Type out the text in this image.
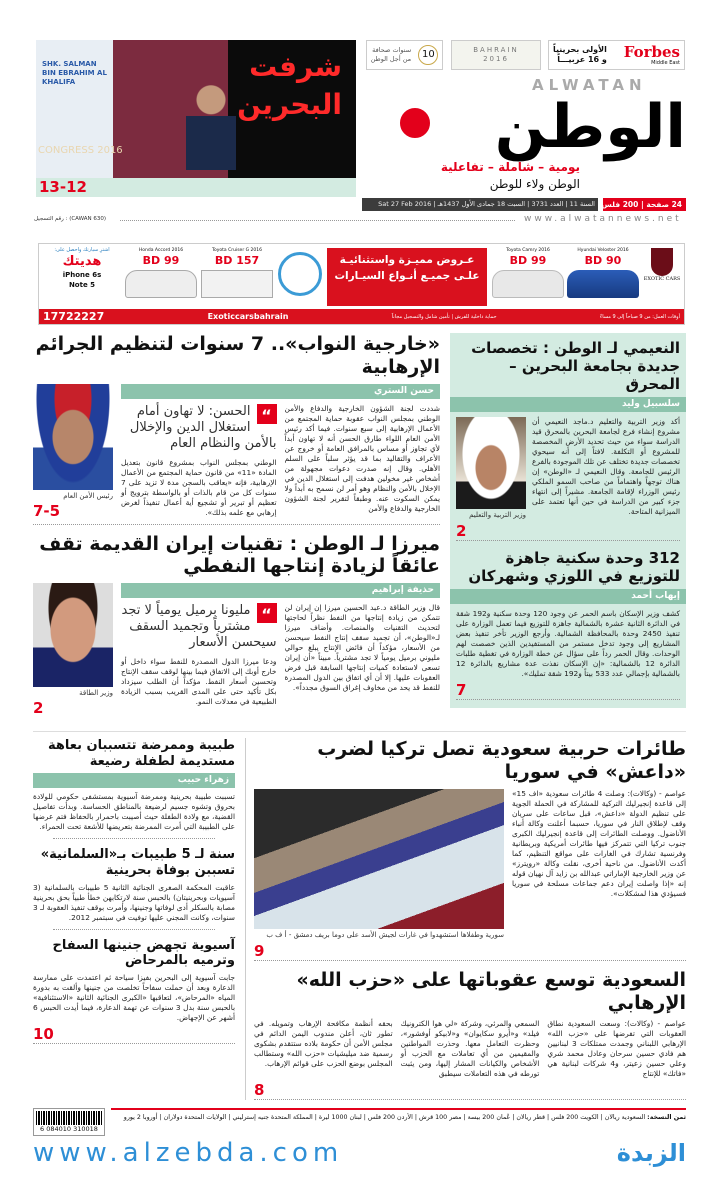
SHK. SALMAN BIN EBRAHIM AL KHALIFA
CONGRESS 2016
شرفت
البحرين
13-12
الأولى بحرينياً
و 16 عربيـــاً Forbes
Middle East
BAHRAIN
2016
سنوات صحافة
من أجل الوطن	10
ALWATAN
الوطن
يومية – شاملة – تفاعلية
الوطن ولاء للوطن
24 صفحة | 200 فلس
السنة 11 | العدد 3731 | السبت 18 جمادى الأول 1437هـ | Sat 27 Feb 2016
www.alwatannews.net
رقم التسجيل : (CAWAN 630)
EXOTIC CARS
Hyundai Veloster 2016
BD 90
Toyota Camry 2016
BD 99
عـروض مميـزة واستثنائيـة
علـى جميـع أنـواع السيـارات
Toyota Cruiser G 2016
BD 157
Honda Accord 2016
BD 99
اشترِ سيارتك واحصل على:
هديتك
iPhone 6s
Note 5
17722227	Exoticcarsbahrain	حماية داخلية للفرش | تأمين شامل والتسجيل مجاناً	أوقات العمل: من 9 صباحاً إلى 9 مساءً
«خارجية النواب».. 7 سنوات لتنظيم الجرائم الإرهابية
رئيس الأمن العام
7-5
حسن الستري
شددت لجنة الشؤون الخارجية والدفاع والأمن الوطني بمجلس النواب عقوبة حماية المجتمع من الأعمال الإرهابية إلى سبع سنوات. فيما أكد رئيس الأمن العام اللواء طارق الحسن أنه لا تهاون أبداً لأي تجاوز أو مساس بالمرافق العامة أو خروج عن الأعراف والتقاليد بما قد يؤثر سلباً على السلم الأهلي. وقال إنه صدرت دعوات مجهولة من أشخاص غير مخولين هدفت إلى استغلال الدين في الإخلال بالأمن والنظام وهو أمر لن نسمح به أبداً ولا يمكن السكوت عنه. وطبقاً لتقرير لجنة الشؤون الخارجية والدفاع والأمن
“
الحسن: لا تهاون أمام استغلال الدين والإخلال بالأمن والنظام العام
الوطني بمجلس النواب بمشروع قانون بتعديل المادة «11» من قانون حماية المجتمع من الأعمال الإرهابية، فإنه «يعاقب بالسجن مدة لا تزيد على 7 سنوات كل من قام بالذات أو بالواسطة بترويج أو تعظيم أو تبرير أو تشجيع أية أعمال تنفيذاً لغرض إرهابي مع علمه بذلك».
ميرزا لـ الوطن : تقنيات إيران القديمة تقف عائقاً لزيادة إنتاجها النفطي
وزير الطاقة
2
حذيفة إبراهيم
قال وزير الطاقة د.عبد الحسين ميرزا إن إيران لن تتمكن من زيادة إنتاجها من النفط نظراً لحاجتها لتحديث التقنيات والمنصات. وأضاف ميرزا لـ«الوطن»، أن تجميد سقف إنتاج النفط سيحسن من الأسعار، مؤكداً أن فائض الإنتاج يبلغ حوالي مليوني برميل يومياً لا تجد مشترياً. مبيناً «أن إيران تسعى لاستعادة كميات إنتاجها السابقة قبل فرض العقوبات عليها. إلا أن أي اتفاق بين الدول المصدرة للنفط قد يحد من مخاوف إغراق السوق مجدداً».
“
مليونا برميل يومياً لا تجد مشترياً وتجميد السقف سيحسن الأسعار
ودعا ميرزا الدول المصدرة للنفط سواء داخل أو خارج أوبك إلى الاتفاق فيما بينها لوقف سقف الإنتاج وتحسين أسعار النفط. مؤكداً أن الطلب سيزداد بكل تأكيد حتى على المدى القريب بسبب الزيادة الطبيعية في معدلات النمو.
النعيمي لـ الوطن : تخصصات جديدة بجامعة البحرين – المحرق
سلسبيل وليد
وزير التربية والتعليم
أكد وزير التربية والتعليم د.ماجد النعيمي أن مشروع إنشاء فرع لجامعة البحرين بالمحرق قيد الدراسة سواء من حيث تحديد الأرض المخصصة للمشروع أو التكلفة. لافتاً إلى أنه سيحوي تخصصات جديدة تختلف عن تلك الموجودة بالفرع الرئيس للجامعة. وقال النعيمي لـ «الوطن» إن هناك توجهاً واهتماماً من صاحب السمو الملكي رئيس الوزراء لإقامة الجامعة. مشيراً إلى انتهاء جزء كبير من الدراسة في حين أنها تعتمد على الميزانية المتاحة.
2
312 وحدة سكنية جاهزة للتوزيع في اللوزي وشهركان
إيهاب أحمد
كشف وزير الإسكان باسم الحمر عن وجود 120 وحدة سكنية و192 شقة في الدائرة الثانية عشرة بالشمالية جاهزة للتوزيع فيما تعمل الوزارة على تنفيذ 2450 وحدة بالمحافظة الشمالية. وأرجع الوزير تأخر تنفيذ بعض المشاريع إلى وجود تدخل مستمر من المستفيدين الذين خصصت لهم الوحدات. وقال الحمر رداً على سؤال عن خطة الوزارة في تغطية طلبات الدائرة 12 بالشمالية: «إن الإسكان نفذت عدة مشاريع بالدائرة 12 بالشمالية بإجمالي عدد 533 بيتاً و192 شقة تمليك».
7
طبيبة وممرضة تتسببان بعاهة مستديمة لطفلة رضيعة
زهراء حبيب
تسببت طبيبة بحرينية وممرضة آسيوية بمستشفى حكومي للولادة بحروق وتشوه جسيم لرضيعة بالمناطق الحساسة. وبدأت تفاصيل القضية، مع ولادة الطفلة حيث أصيبت باحمرار بالحفاظ فتم عرضها على الطبيبة التي أمرت الممرضة بتعريضها للأشعة تحت الحمراء.
سنة لـ 5 طبيبات بـ«السلمانية» تسببن بوفاة بحرينية
عاقبت المحكمة الصغرى الجنائية الثانية 5 طبيبات بالسلمانية (3 آسيويات وبحرينيتان) بالحبس سنة لارتكابهن خطأ طبياً بحق بحرينية مصابة بالسكلر أدى لوفاتها وجنينها، وأمرت بوقف تنفيذ العقوبة لـ 3 سنوات، وكانت المجني عليها توفيت في سبتمبر 2012.
آسيوية تجهض جنينها السفاح وترميه بالمرحاض
جابت آسيوية إلى البحرين بفيزا سياحة ثم اعتمدت على ممارسة الدعارة وبعد أن حملت سفاحاً تخلصت من جنينها وألقت به بدورة المياه «المرحاض»، لتعاقبها «الكبرى الجنائية الثانية «الاستئنافية» بالحبس سنة بدل 3 سنوات عن تهمة الدعارة، فيما أيدت الحبس 6 أشهر عن الإجهاض.
10
طائرات حربية سعودية تصل تركيا لضرب «داعش» في سوريا
سورية وطفلاها استشهدوا في غارات لجيش الأسد على دوما بريف دمشق - أ ف ب
عواصم - (وكالات): وصلت 4 طائرات سعودية «اف 15» إلى قاعدة إنجيرليك التركية للمشاركة في الحملة الجوية على تنظيم الدولة «داعش»، قبل ساعات على سريان وقف لإطلاق النار في سوريا، حسبما أعلنت وكالة أنباء الأناضول. ووصلت الطائرات إلى قاعدة إنجيرليك الكبرى جنوب تركيا التي تتمركز فيها طائرات أمريكية وبريطانية وفرنسية تشارك في الغارات على مواقع التنظيم، كما أكدت الأناضول. من ناحية أخرى، نقلت وكالة «رويترز» عن وزير الخارجية الإماراتي عبدالله بن زايد آل نهيان قوله إنه «إذا واصلت إيران دعم جماعات مسلحة في سوريا فسيؤدي هذا لمشكلات».
9
السعودية توسع عقوباتها على «حزب الله» الإرهابي
عواصم - (وكالات): وسعت السعودية نطاق العقوبات التي تفرضها على «حزب الله» الإرهابي اللبناني وجمدت ممتلكات 3 لبنانيين هم فادي حسين سرحان وعادل محمد شري وعلي حسين زعيتر، و4 شركات لبنانية هي «فاتك» للإنتاج
السمعي والمرئي، وشركة «لي هوا الكترونيك فيلد» و«أيرو سكايوان» و«لابيكو أوفشور»، وحظرت التعامل معها. وحذرت المواطنين والمقيمين من أي تعاملات مع الحزب أو الأشخاص والكيانات المشار إليها، ومن يثبت تورطه في هذه التعاملات سيطبق
بحقه أنظمة مكافحة الإرهاب وتمويله. في تطور ثان، أعلن مندوب اليمن الدائم في مجلس الأمن أن حكومة بلاده ستتقدم بشكوى رسمية ضد ميليشيات «حزب الله» وستطالب المجلس بوضع الحزب على قوائم الإرهاب.
8
6 084010 310018
ثمن النسخة: السعودية ريالان | الكويت 200 فلس | قطر ريالان | عُمان 200 بيسة | مصر 100 قرش | الأردن 200 فلس | لبنان 1000 ليرة | المملكة المتحدة جنيه إسترليني | الولايات المتحدة دولاران | أوروبا 2 يورو
www.alzebda.com	الزبدة
